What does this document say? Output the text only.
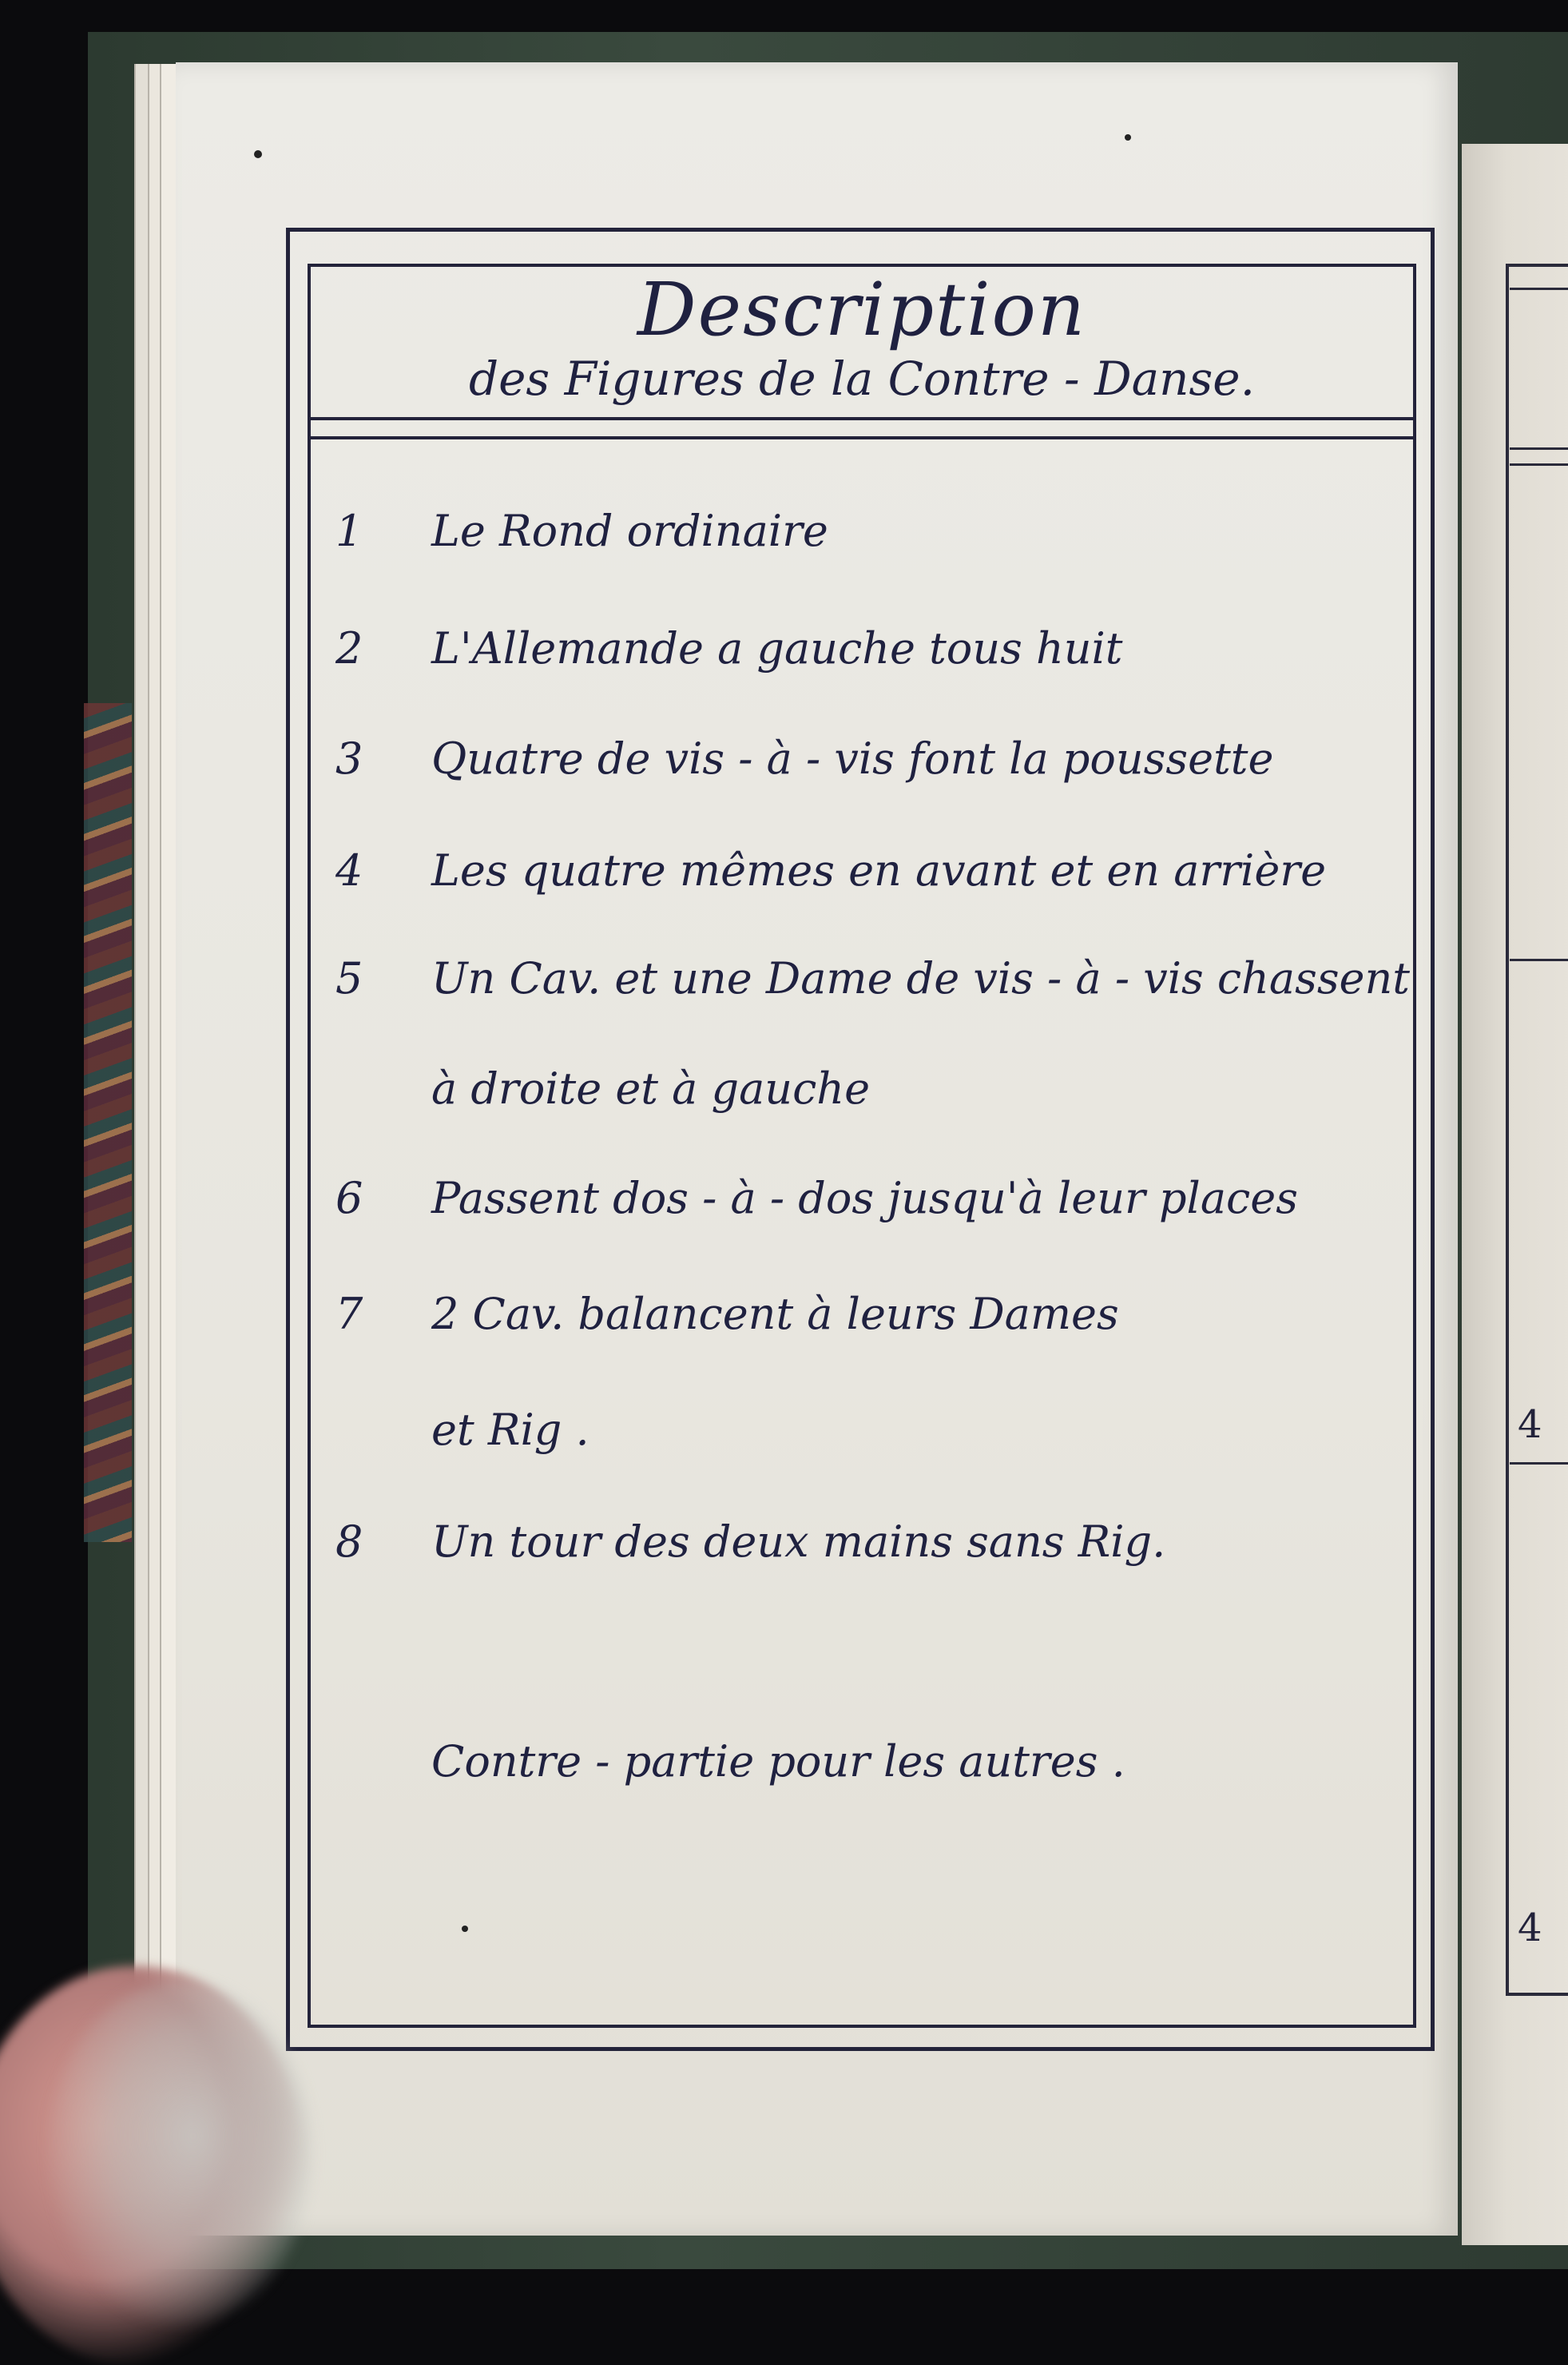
4
4
Description
des Figures de la Contre - Danse.
1 Le Rond ordinaire
2 L'Allemande a gauche tous huit
3 Quatre de vis - à - vis font la poussette
4 Les quatre mêmes en avant et en arrière
5 Un Cav. et une Dame de vis - à - vis chassent
à droite et à gauche
6 Passent dos - à - dos jusqu'à leur places
7 2 Cav. balancent à leurs Dames
et Rig .
8 Un tour des deux mains sans Rig.
Contre - partie pour les autres .
